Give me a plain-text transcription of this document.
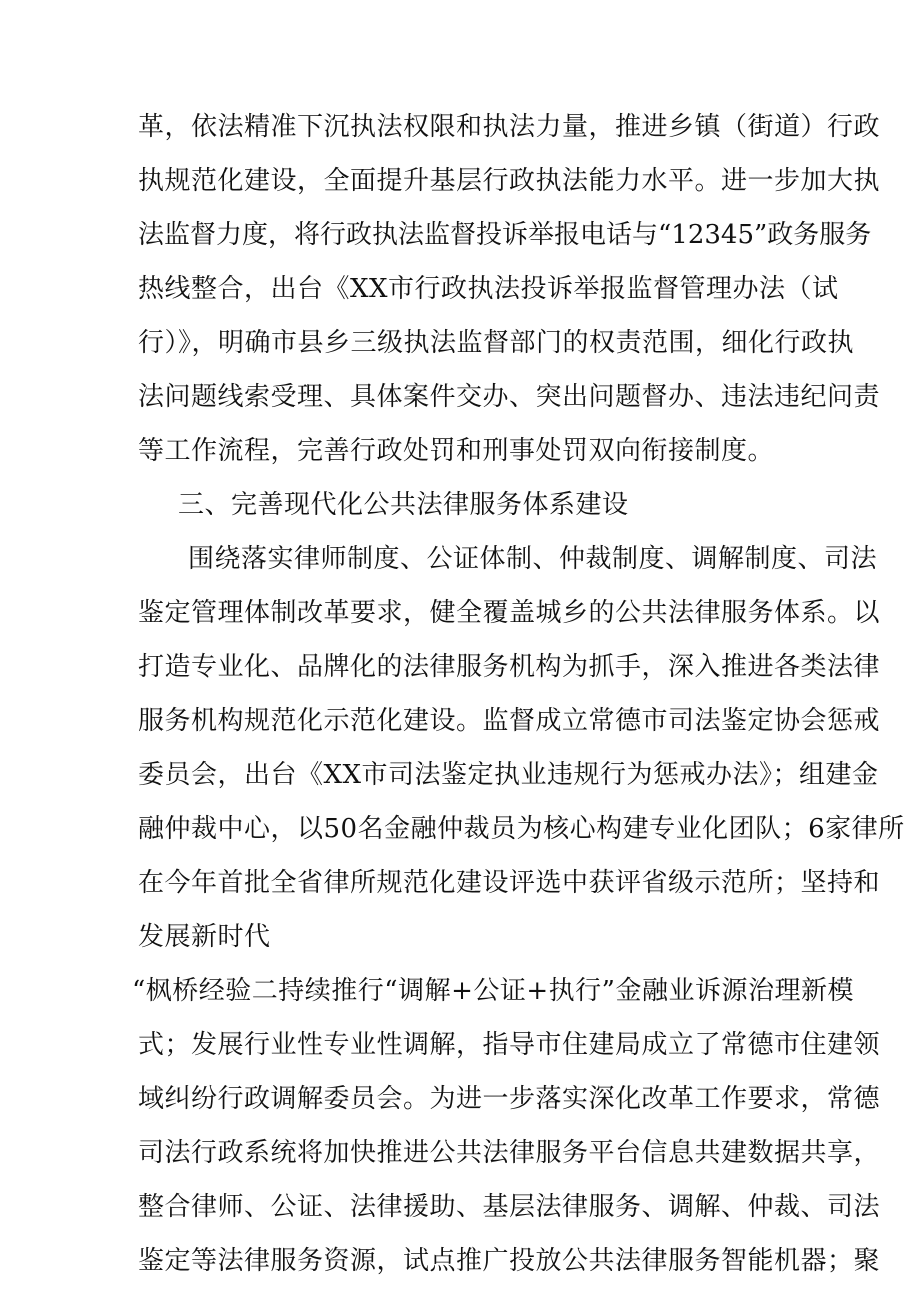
革，依法精准下沉执法权限和执法力量，推进乡镇（街道）行政
执规范化建设，全面提升基层行政执法能力水平。进一步加大执
法监督力度，将行政执法监督投诉举报电话与“12345”政务服务
热线整合，出台《XX市行政执法投诉举报监督管理办法（试
行）》，明确市县乡三级执法监督部门的权责范围，细化行政执
法问题线索受理、具体案件交办、突出问题督办、违法违纪问责
等工作流程，完善行政处罚和刑事处罚双向衔接制度。
三、完善现代化公共法律服务体系建设
围绕落实律师制度、公证体制、仲裁制度、调解制度、司法
鉴定管理体制改革要求，健全覆盖城乡的公共法律服务体系。以
打造专业化、品牌化的法律服务机构为抓手，深入推进各类法律
服务机构规范化示范化建设。监督成立常德市司法鉴定协会惩戒
委员会，出台《XX市司法鉴定执业违规行为惩戒办法》；组建金
融仲裁中心，以50名金融仲裁员为核心构建专业化团队；6家律所
在今年首批全省律所规范化建设评选中获评省级示范所；坚持和
发展新时代
“枫桥经验二持续推行“调解+公证+执行”金融业诉源治理新模
式；发展行业性专业性调解，指导市住建局成立了常德市住建领
域纠纷行政调解委员会。为进一步落实深化改革工作要求，常德
司法行政系统将加快推进公共法律服务平台信息共建数据共享，
整合律师、公证、法律援助、基层法律服务、调解、仲裁、司法
鉴定等法律服务资源，试点推广投放公共法律服务智能机器；聚
